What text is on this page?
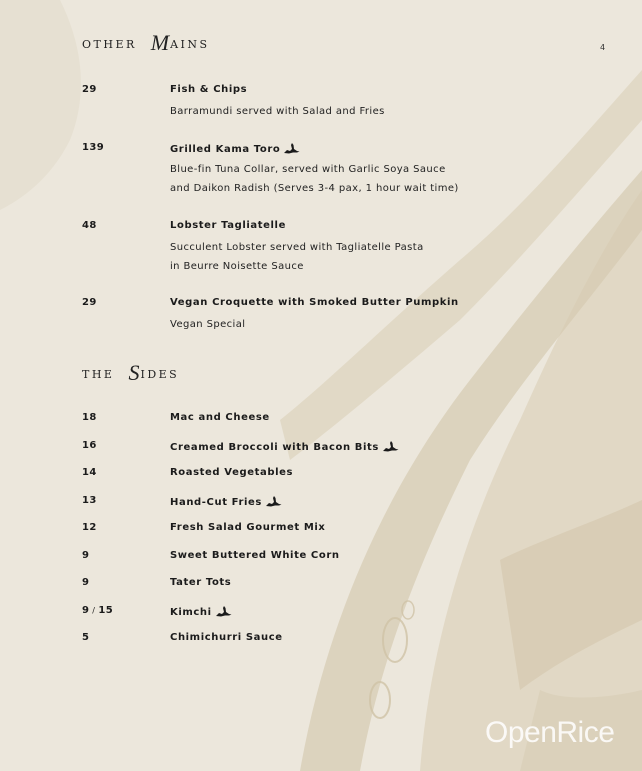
4
OTHER MAINS
29	Fish & Chips
Barramundi served with Salad and Fries
139	Grilled Kama Toro
Blue-fin Tuna Collar, served with Garlic Soya Sauce
and Daikon Radish (Serves 3-4 pax, 1 hour wait time)
48	Lobster Tagliatelle
Succulent Lobster served with Tagliatelle Pasta
in Beurre Noisette Sauce
29	Vegan Croquette with Smoked Butter Pumpkin
Vegan Special
THE SIDES
18	Mac and Cheese
16	Creamed Broccoli with Bacon Bits
14	Roasted Vegetables
13	Hand-Cut Fries
12	Fresh Salad Gourmet Mix
9	Sweet Buttered White Corn
9	Tater Tots
9 / 15	Kimchi
5	Chimichurri Sauce
OpenRice
